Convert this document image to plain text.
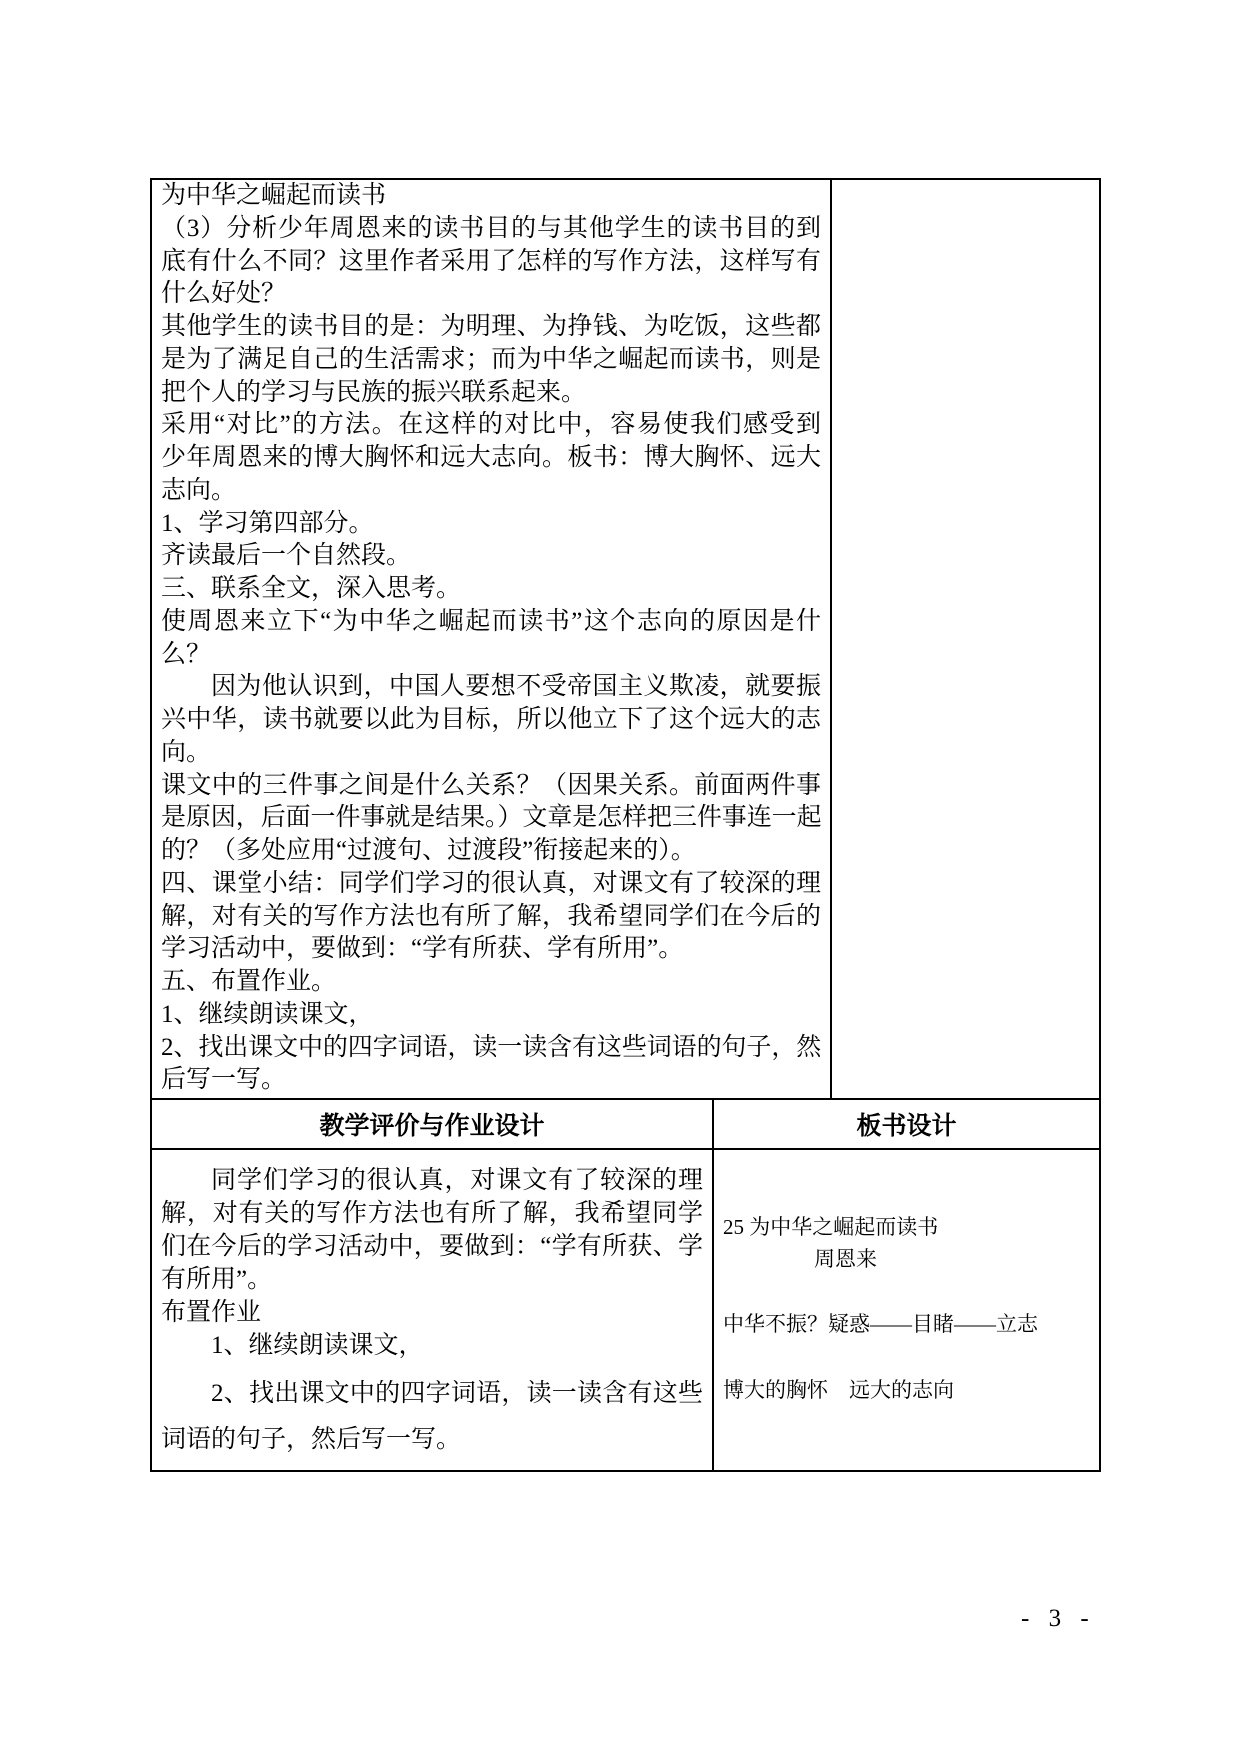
为中华之崛起而读书
（3）分析少年周恩来的读书目的与其他学生的读书目的到
底有什么不同？这里作者采用了怎样的写作方法，这样写有
什么好处？
其他学生的读书目的是：为明理、为挣钱、为吃饭，这些都
是为了满足自己的生活需求；而为中华之崛起而读书，则是
把个人的学习与民族的振兴联系起来。
采用“对比”的方法。在这样的对比中，容易使我们感受到
少年周恩来的博大胸怀和远大志向。板书：博大胸怀、远大
志向。
1、学习第四部分。
齐读最后一个自然段。
三、联系全文，深入思考。
使周恩来立下“为中华之崛起而读书”这个志向的原因是什
么？
因为他认识到，中国人要想不受帝国主义欺凌，就要振
兴中华，读书就要以此为目标，所以他立下了这个远大的志
向。
课文中的三件事之间是什么关系？（因果关系。前面两件事
是原因，后面一件事就是结果。）文章是怎样把三件事连一起
的？（多处应用“过渡句、过渡段”衔接起来的）。
四、课堂小结：同学们学习的很认真，对课文有了较深的理
解，对有关的写作方法也有所了解，我希望同学们在今后的
学习活动中，要做到：“学有所获、学有所用”。
五、布置作业。
1、继续朗读课文，
2、找出课文中的四字词语，读一读含有这些词语的句子，然
后写一写。
教学评价与作业设计	板书设计
同学们学习的很认真，对课文有了较深的理
解，对有关的写作方法也有所了解，我希望同学
们在今后的学习活动中，要做到：“学有所获、学
有所用”。
布置作业
1、继续朗读课文，
2、找出课文中的四字词语，读一读含有这些
词语的句子，然后写一写。
25 为中华之崛起而读书
周恩来
中华不振？疑惑——目睹——立志
博大的胸怀　远大的志向
- 3 -
